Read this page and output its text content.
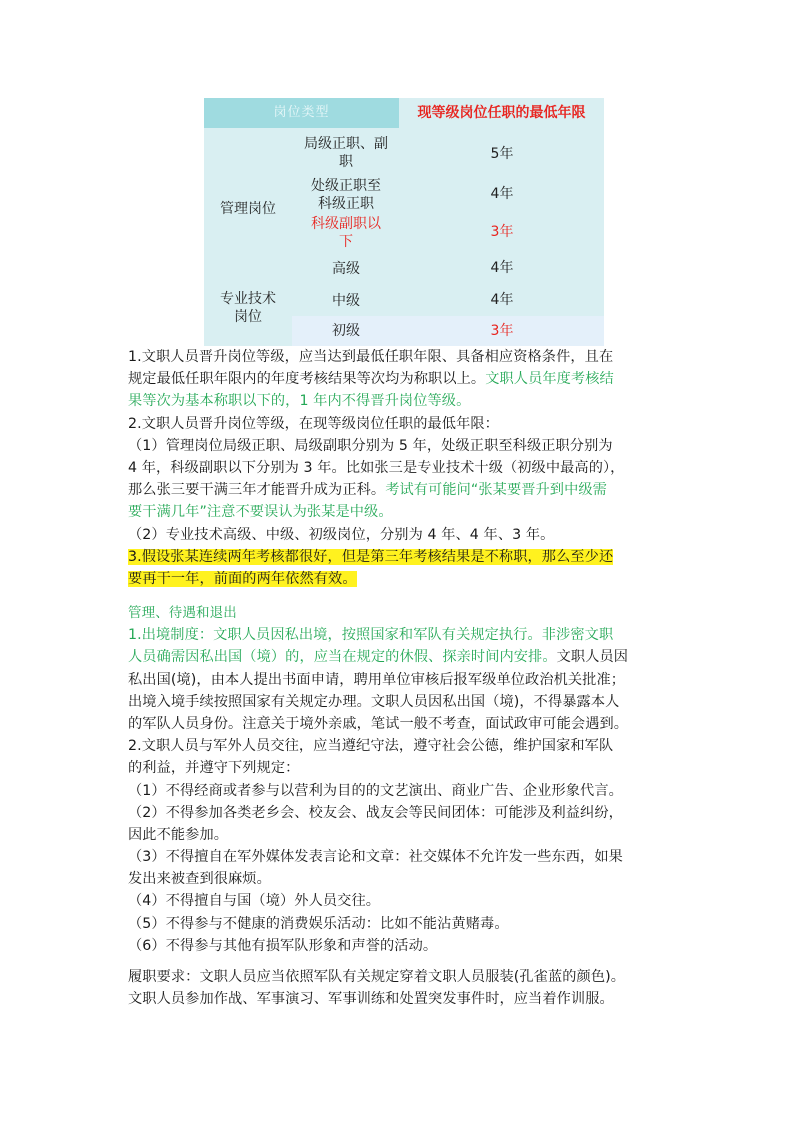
岗位类型	现等级岗位任职的最低年限
管理岗位
专业技术
岗位
局级正职、副
职
处级正职至
科级正职
科级副职以
下
高级
中级
初级
5年
4年
3年
4年
4年
3年
1.文职人员晋升岗位等级，应当达到最低任职年限、具备相应资格条件，且在
规定最低任职年限内的年度考核结果等次均为称职以上。文职人员年度考核结
果等次为基本称职以下的，1 年内不得晋升岗位等级。
2.文职人员晋升岗位等级，在现等级岗位任职的最低年限：
（1）管理岗位局级正职、局级副职分别为 5 年，处级正职至科级正职分别为
4 年，科级副职以下分别为 3 年。比如张三是专业技术十级（初级中最高的），
那么张三要干满三年才能晋升成为正科。考试有可能问“张某要晋升到中级需
要干满几年”注意不要误认为张某是中级。
（2）专业技术高级、中级、初级岗位，分别为 4 年、4 年、3 年。
3.假设张某连续两年考核都很好，但是第三年考核结果是不称职，那么至少还
要再干一年，前面的两年依然有效。
管理、待遇和退出
1.出境制度：文职人员因私出境，按照国家和军队有关规定执行。非涉密文职
人员确需因私出国（境）的，应当在规定的休假、探亲时间内安排。文职人员因
私出国(境)，由本人提出书面申请，聘用单位审核后报军级单位政治机关批准；
出境入境手续按照国家有关规定办理。文职人员因私出国（境)，不得暴露本人
的军队人员身份。注意关于境外亲戚，笔试一般不考查，面试政审可能会遇到。
2.文职人员与军外人员交往，应当遵纪守法，遵守社会公德，维护国家和军队
的利益，并遵守下列规定：
（1）不得经商或者参与以营利为目的的文艺演出、商业广告、企业形象代言。
（2）不得参加各类老乡会、校友会、战友会等民间团体：可能涉及利益纠纷，
因此不能参加。
（3）不得擅自在军外媒体发表言论和文章：社交媒体不允许发一些东西，如果
发出来被查到很麻烦。
（4）不得擅自与国（境）外人员交往。
（5）不得参与不健康的消费娱乐活动：比如不能沾黄赌毒。
（6）不得参与其他有损军队形象和声誉的活动。
履职要求：文职人员应当依照军队有关规定穿着文职人员服装(孔雀蓝的颜色)。
文职人员参加作战、军事演习、军事训练和处置突发事件时，应当着作训服。
